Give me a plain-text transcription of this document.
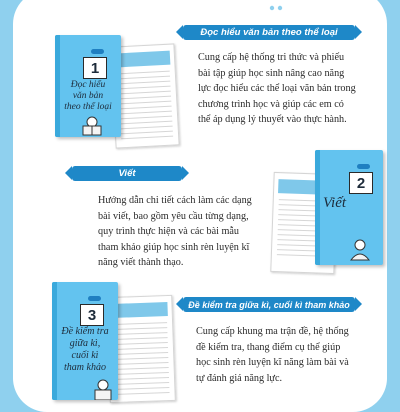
1
Đọc hiểu
văn bản
theo thể loại
Đọc hiểu văn bản theo thể loại
Cung cấp hệ thống tri thức và phiếu
bài tập giúp học sinh nâng cao năng
lực đọc hiểu các thể loại văn bản trong
chương trình học và giúp các em có
thể áp dụng lý thuyết vào thực hành.
Viết
Hướng dẫn chi tiết cách làm các dạng
bài viết, bao gồm yêu cầu từng dạng,
quy trình thực hiện và các bài mẫu
tham khảo giúp học sinh rèn luyện kĩ
năng viết thành thạo.
2
Viết
3
Đề kiểm tra
giữa kì,
cuối kì
tham khảo
Đề kiểm tra giữa kì, cuối kì tham khảo
Cung cấp khung ma trận đề, hệ thống
đề kiểm tra, thang điểm cụ thể giúp
học sinh rèn luyện kĩ năng làm bài và
tự đánh giá năng lực.
